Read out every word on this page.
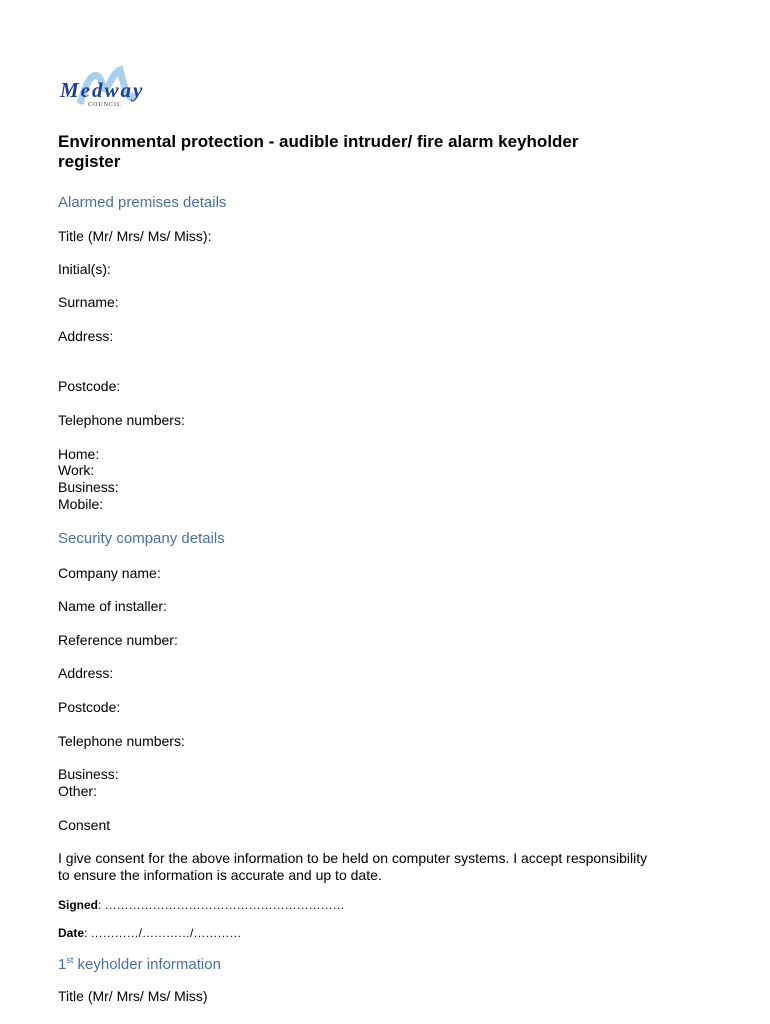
Medway
COUNCIL
Environmental protection - audible intruder/ fire alarm keyholder register
Alarmed premises details
Title (Mr/ Mrs/ Ms/ Miss):
Initial(s):
Surname:
Address:
Postcode:
Telephone numbers:
Home:
Work:
Business:
Mobile:
Security company details
Company name:
Name of installer:
Reference number:
Address:
Postcode:
Telephone numbers:
Business:
Other:
Consent
I give consent for the above information to be held on computer systems. I accept responsibility to ensure the information is accurate and up to date.
Signed: ……………………………………………………
Date: …………/…………/…………
1st keyholder information
Title (Mr/ Mrs/ Ms/ Miss)
